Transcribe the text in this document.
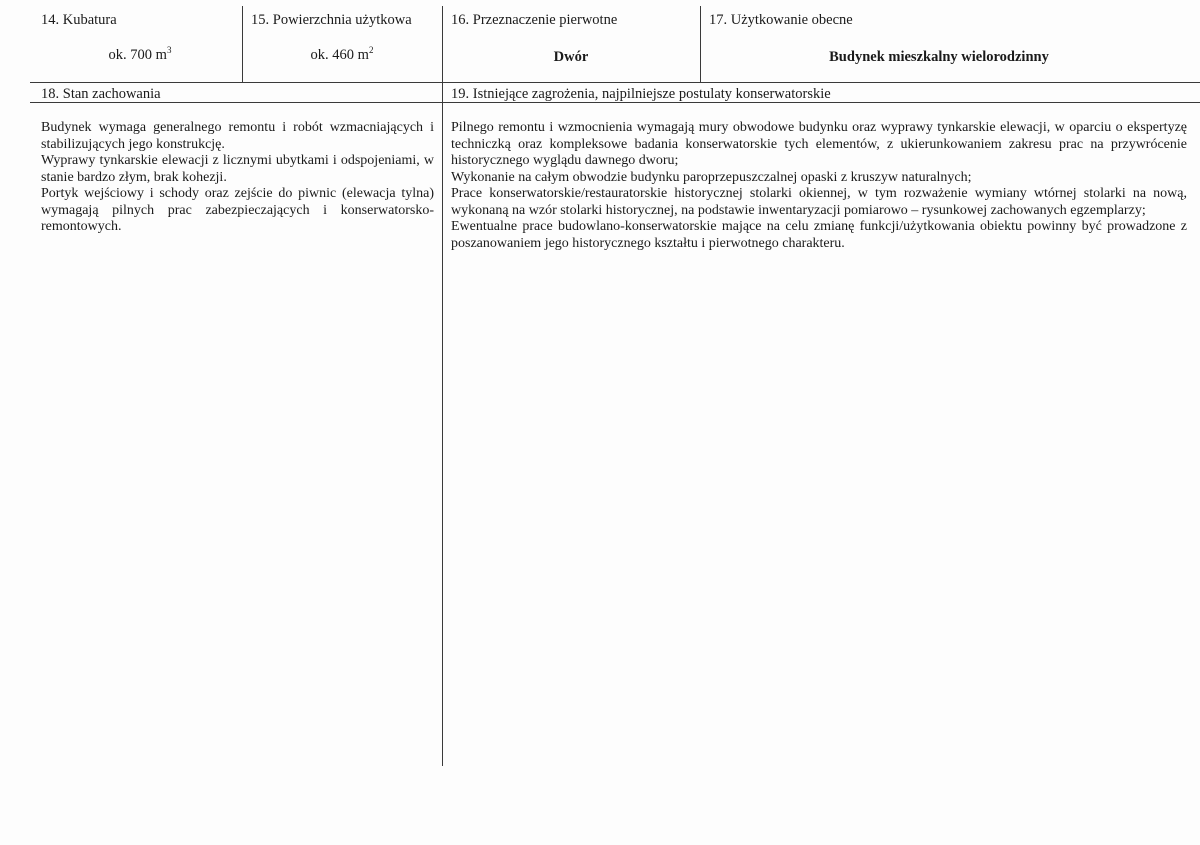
14. Kubatura
ok. 700 $m^3$
15. Powierzchnia użytkowa
ok. 460 $m^2$
16. Przeznaczenie pierwotne
Dwór
17. Użytkowanie obecne
Budynek mieszkalny wielorodzinny
18. Stan zachowania

Budynek wymaga generalnego remontu i robót wzmacniających i stabilizujących jego konstrukcję.

Wyprawy tynkarskie elewacji z licznymi ubytkami i odspojeniami, w stanie bardzo złym, brak kohezji.

Portyk wejściowy i schody oraz zejście do piwnic (elewacja tylna) wymagają pilnych prac zabezpieczających i konserwatorsko-remontowych.

19. Istniejące zagrożenia, najpilniejsze postulaty konserwatorskie

Pilnego remontu i wzmocnienia wymagają mury obwodowe budynku oraz wyprawy tynkarskie elewacji, w oparciu o ekspertyzę techniczką oraz kompleksowe badania konserwatorskie tych elementów, z ukierunkowaniem zakresu prac na przywrócenie historycznego wyglądu dawnego dworu;

Wykonanie na całym obwodzie budynku paroprzepuszczalnej opaski z kruszyw naturalnych;

Prace konserwatorskie/restauratorskie historycznej stolarki okiennej, w tym rozważenie wymiany wtórnej stolarki na nową, wykonaną na wzór stolarki historycznej, na podstawie inwentaryzacji pomiarowo – rysunkowej zachowanych egzemplarzy;

Ewentualne prace budowlano-konserwatorskie mające na celu zmianę funkcji/użytkowania obiektu powinny być prowadzone z poszanowaniem jego historycznego kształtu i pierwotnego charakteru.
